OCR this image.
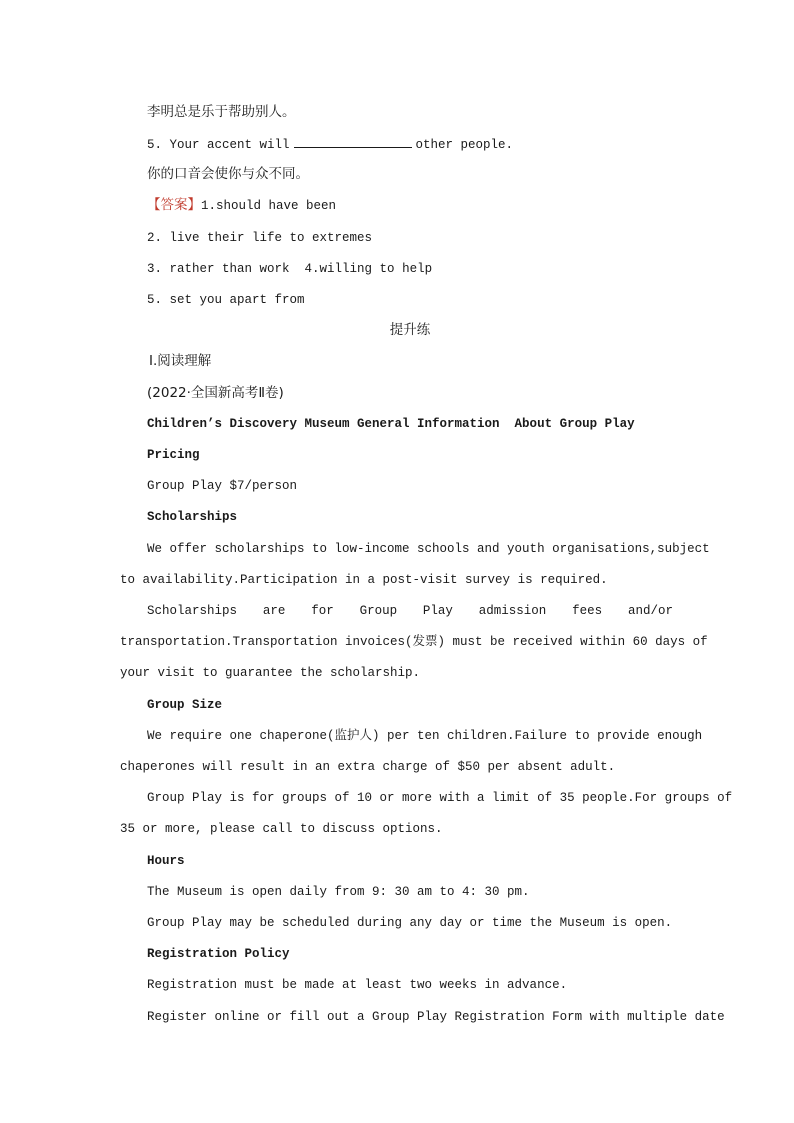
李明总是乐于帮助别人。
5. Your accent will	other people.
你的口音会使你与众不同。
【答案】1.should have been
2. live their life to extremes
3. rather than work 4.willing to help
5. set you apart from
提升练
Ⅰ.阅读理解
(2022·全国新高考Ⅱ卷)
Children’s Discovery Museum General Information  About Group Play
Pricing
Group Play $7/person
Scholarships
We offer scholarships to low-income schools and youth organisations,subject
to availability.Participation in a post-visit survey is required.
Scholarships are for Group Play admission fees and/or
transportation.Transportation invoices(发票) must be received within 60 days of
your visit to guarantee the scholarship.
Group Size
We require one chaperone(监护人) per ten children.Failure to provide enough
chaperones will result in an extra charge of $50 per absent adult.
Group Play is for groups of 10 or more with a limit of 35 people.For groups of
35 or more, please call to discuss options.
Hours
The Museum is open daily from 9: 30 am to 4: 30 pm.
Group Play may be scheduled during any day or time the Museum is open.
Registration Policy
Registration must be made at least two weeks in advance.
Register online or fill out a Group Play Registration Form with multiple date
